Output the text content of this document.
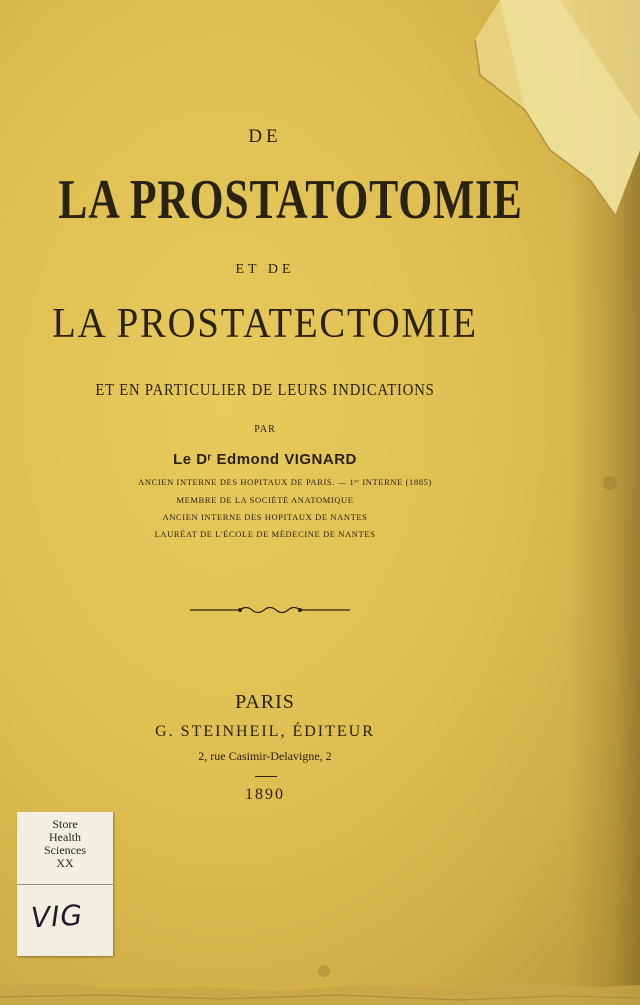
DE
LA PROSTATOTOMIE
ET DE
LA PROSTATECTOMIE
ET EN PARTICULIER DE LEURS INDICATIONS
PAR
Le Dʳ Edmond VIGNARD
ANCIEN INTERNE DES HOPITAUX DE PARIS. — 1ᵉʳ INTERNE (1885)
MEMBRE DE LA SOCIÉTÉ ANATOMIQUE
ANCIEN INTERNE DES HOPITAUX DE NANTES
LAURÉAT DE L'ÉCOLE DE MÉDECINE DE NANTES
PARIS
G. STEINHEIL, ÉDITEUR
2, rue Casimir-Delavigne, 2
1890
Store
Health
Sciences
XX
VIG
